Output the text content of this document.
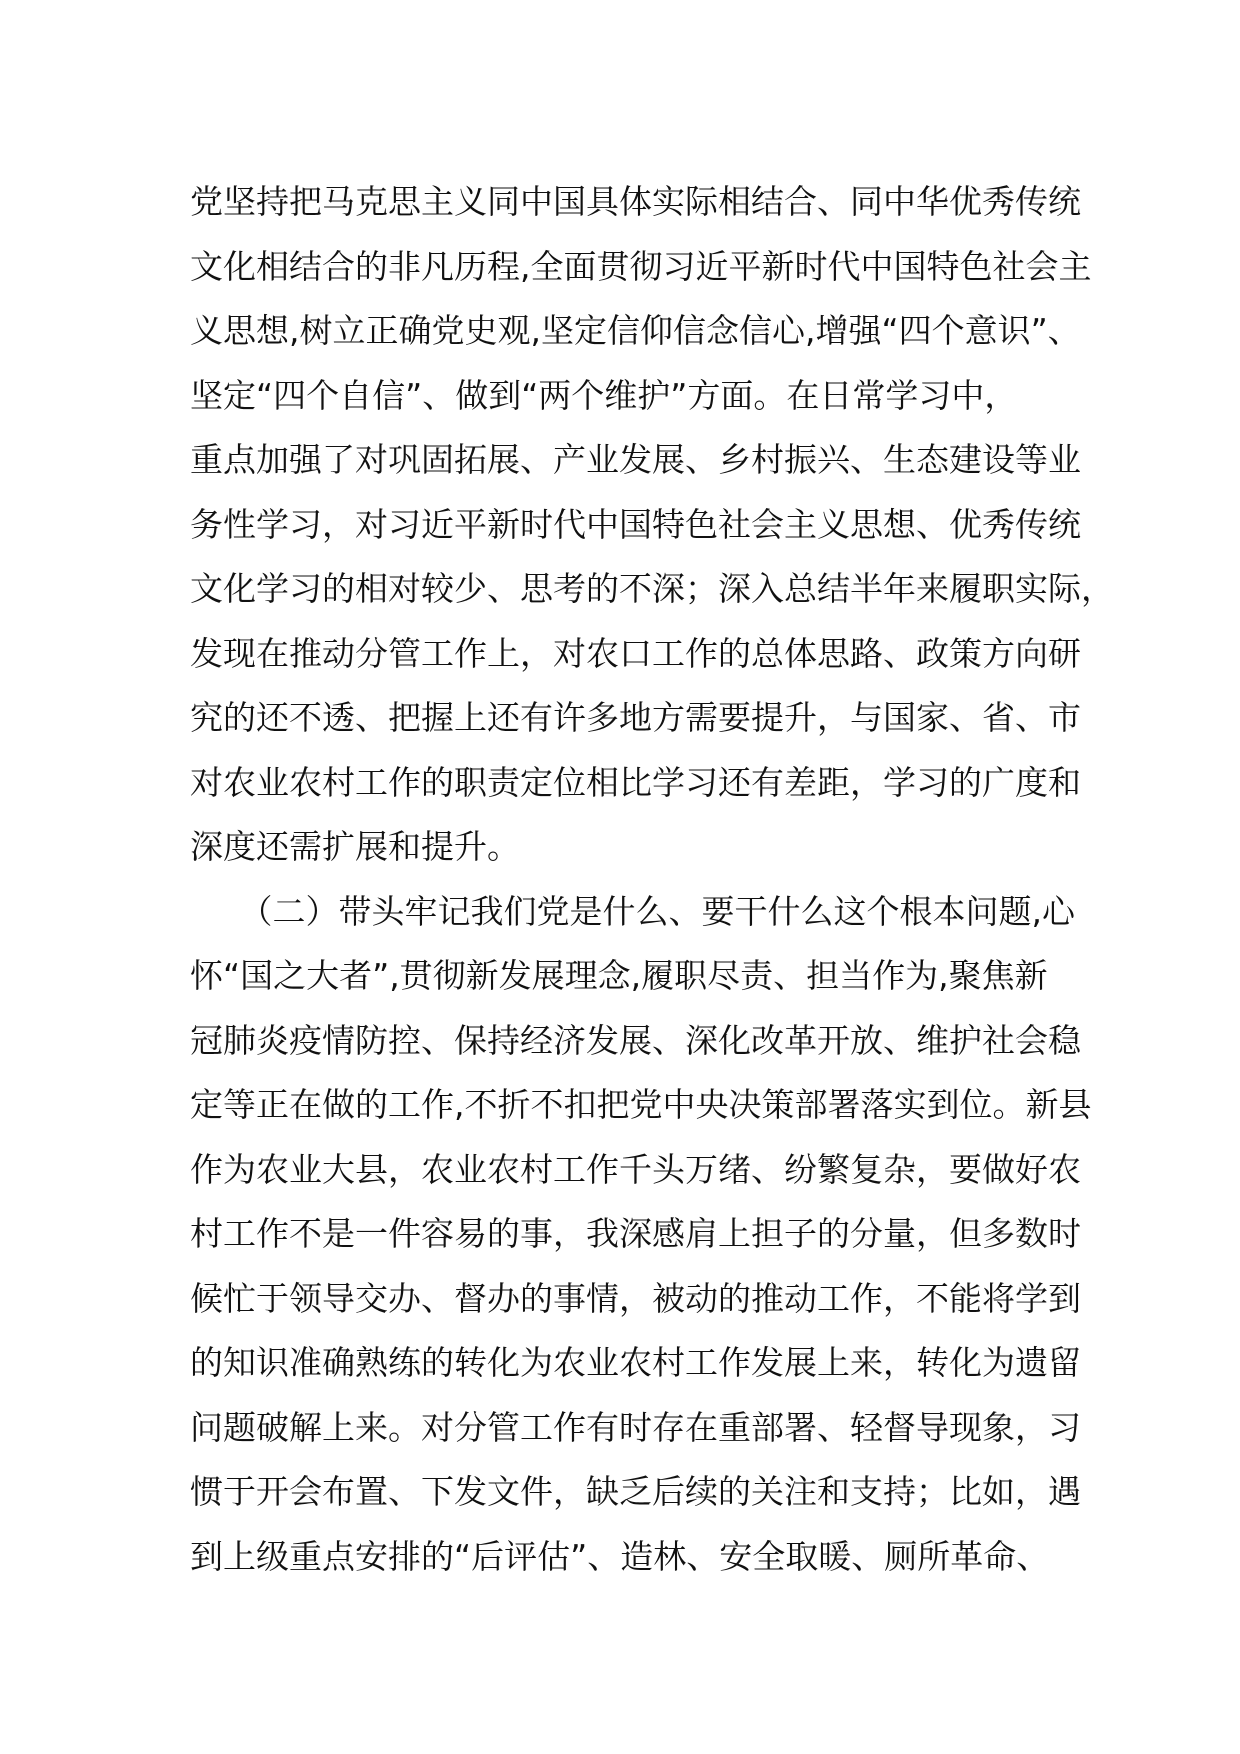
党坚持把马克思主义同中国具体实际相结合、同中华优秀传统
文化相结合的非凡历程,全面贯彻习近平新时代中国特色社会主
义思想,树立正确党史观,坚定信仰信念信心,增强“四个意识”、
坚定“四个自信”、做到“两个维护”方面。在日常学习中，
重点加强了对巩固拓展、产业发展、乡村振兴、生态建设等业
务性学习，对习近平新时代中国特色社会主义思想、优秀传统
文化学习的相对较少、思考的不深；深入总结半年来履职实际，
发现在推动分管工作上，对农口工作的总体思路、政策方向研
究的还不透、把握上还有许多地方需要提升，与国家、省、市
对农业农村工作的职责定位相比学习还有差距，学习的广度和
深度还需扩展和提升。
　　（二）带头牢记我们党是什么、要干什么这个根本问题,心
怀“国之大者”,贯彻新发展理念,履职尽责、担当作为,聚焦新
冠肺炎疫情防控、保持经济发展、深化改革开放、维护社会稳
定等正在做的工作,不折不扣把党中央决策部署落实到位。新县
作为农业大县，农业农村工作千头万绪、纷繁复杂，要做好农
村工作不是一件容易的事，我深感肩上担子的分量，但多数时
候忙于领导交办、督办的事情，被动的推动工作，不能将学到
的知识准确熟练的转化为农业农村工作发展上来，转化为遗留
问题破解上来。对分管工作有时存在重部署、轻督导现象，习
惯于开会布置、下发文件，缺乏后续的关注和支持；比如，遇
到上级重点安排的“后评估”、造林、安全取暖、厕所革命、
